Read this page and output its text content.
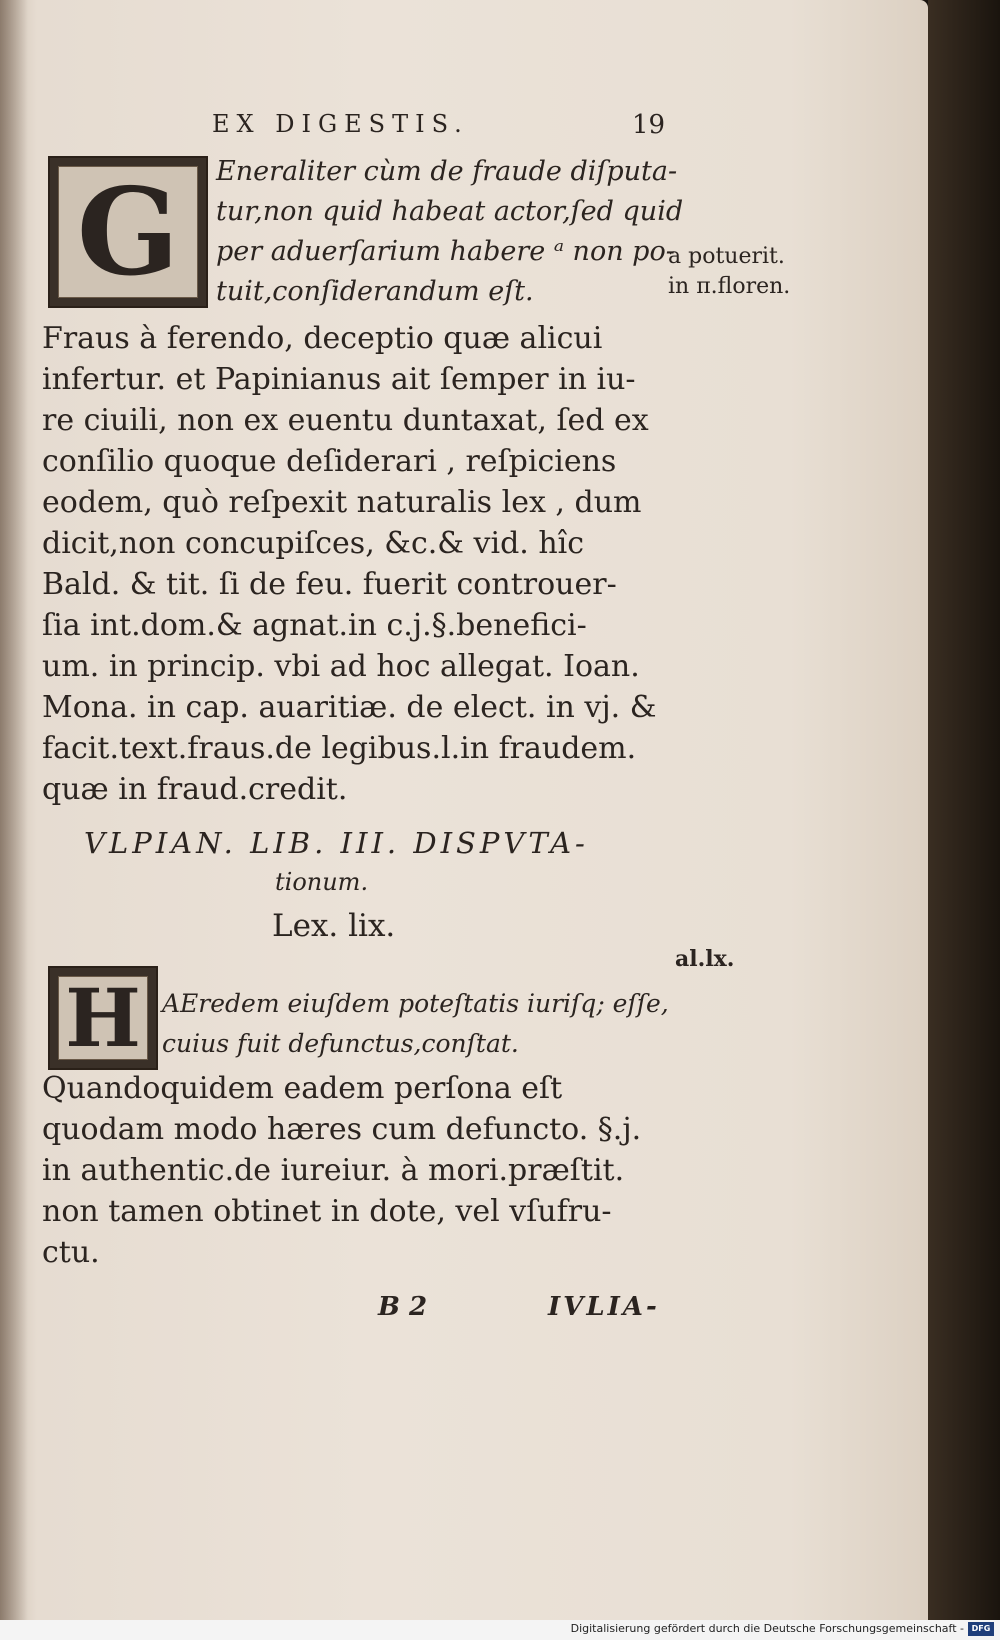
EX DIGESTIS.	19
G	Eneraliter cùm de fraude diſputa-
tur,non quid habeat actor,ſed quid
per aduerſarium habere ᵃ non po-
tuit,conſiderandum eſt.
a potuerit.
in π.floren.
Fraus à ferendo, deceptio quæ alicui
infertur. et Papinianus ait ſemper in iu-
re ciuili, non ex euentu duntaxat, ſed ex
conſilio quoque deſiderari , reſpiciens
eodem, quò reſpexit naturalis lex , dum
dicit,non concupiſces, &c.& vid. hîc
Bald. & tit. ſi de feu. fuerit controuer-
ſia int.dom.& agnat.in c.j.§.benefici-
um. in princip. vbi ad hoc allegat. Ioan.
Mona. in cap. auaritiæ. de elect. in vj. &
facit.text.fraus.de legibus.l.in fraudem.
quæ in fraud.credit.
VLPIAN. LIB. III. DISPVTA-
tionum.
Lex. lix.
al.lx.
H AEredem eiuſdem poteſtatis iuriſq; eſſe,
cuius fuit defunctus,conſtat.
Quandoquidem eadem perſona eſt
quodam modo hæres cum defuncto. §.j.
in authentic.de iureiur. à mori.præſtit.
non tamen obtinet in dote, vel vſufru-
ctu.
B 2	IVLIA-
Digitalisierung gefördert durch die Deutsche Forschungsgemeinschaft - DFG
